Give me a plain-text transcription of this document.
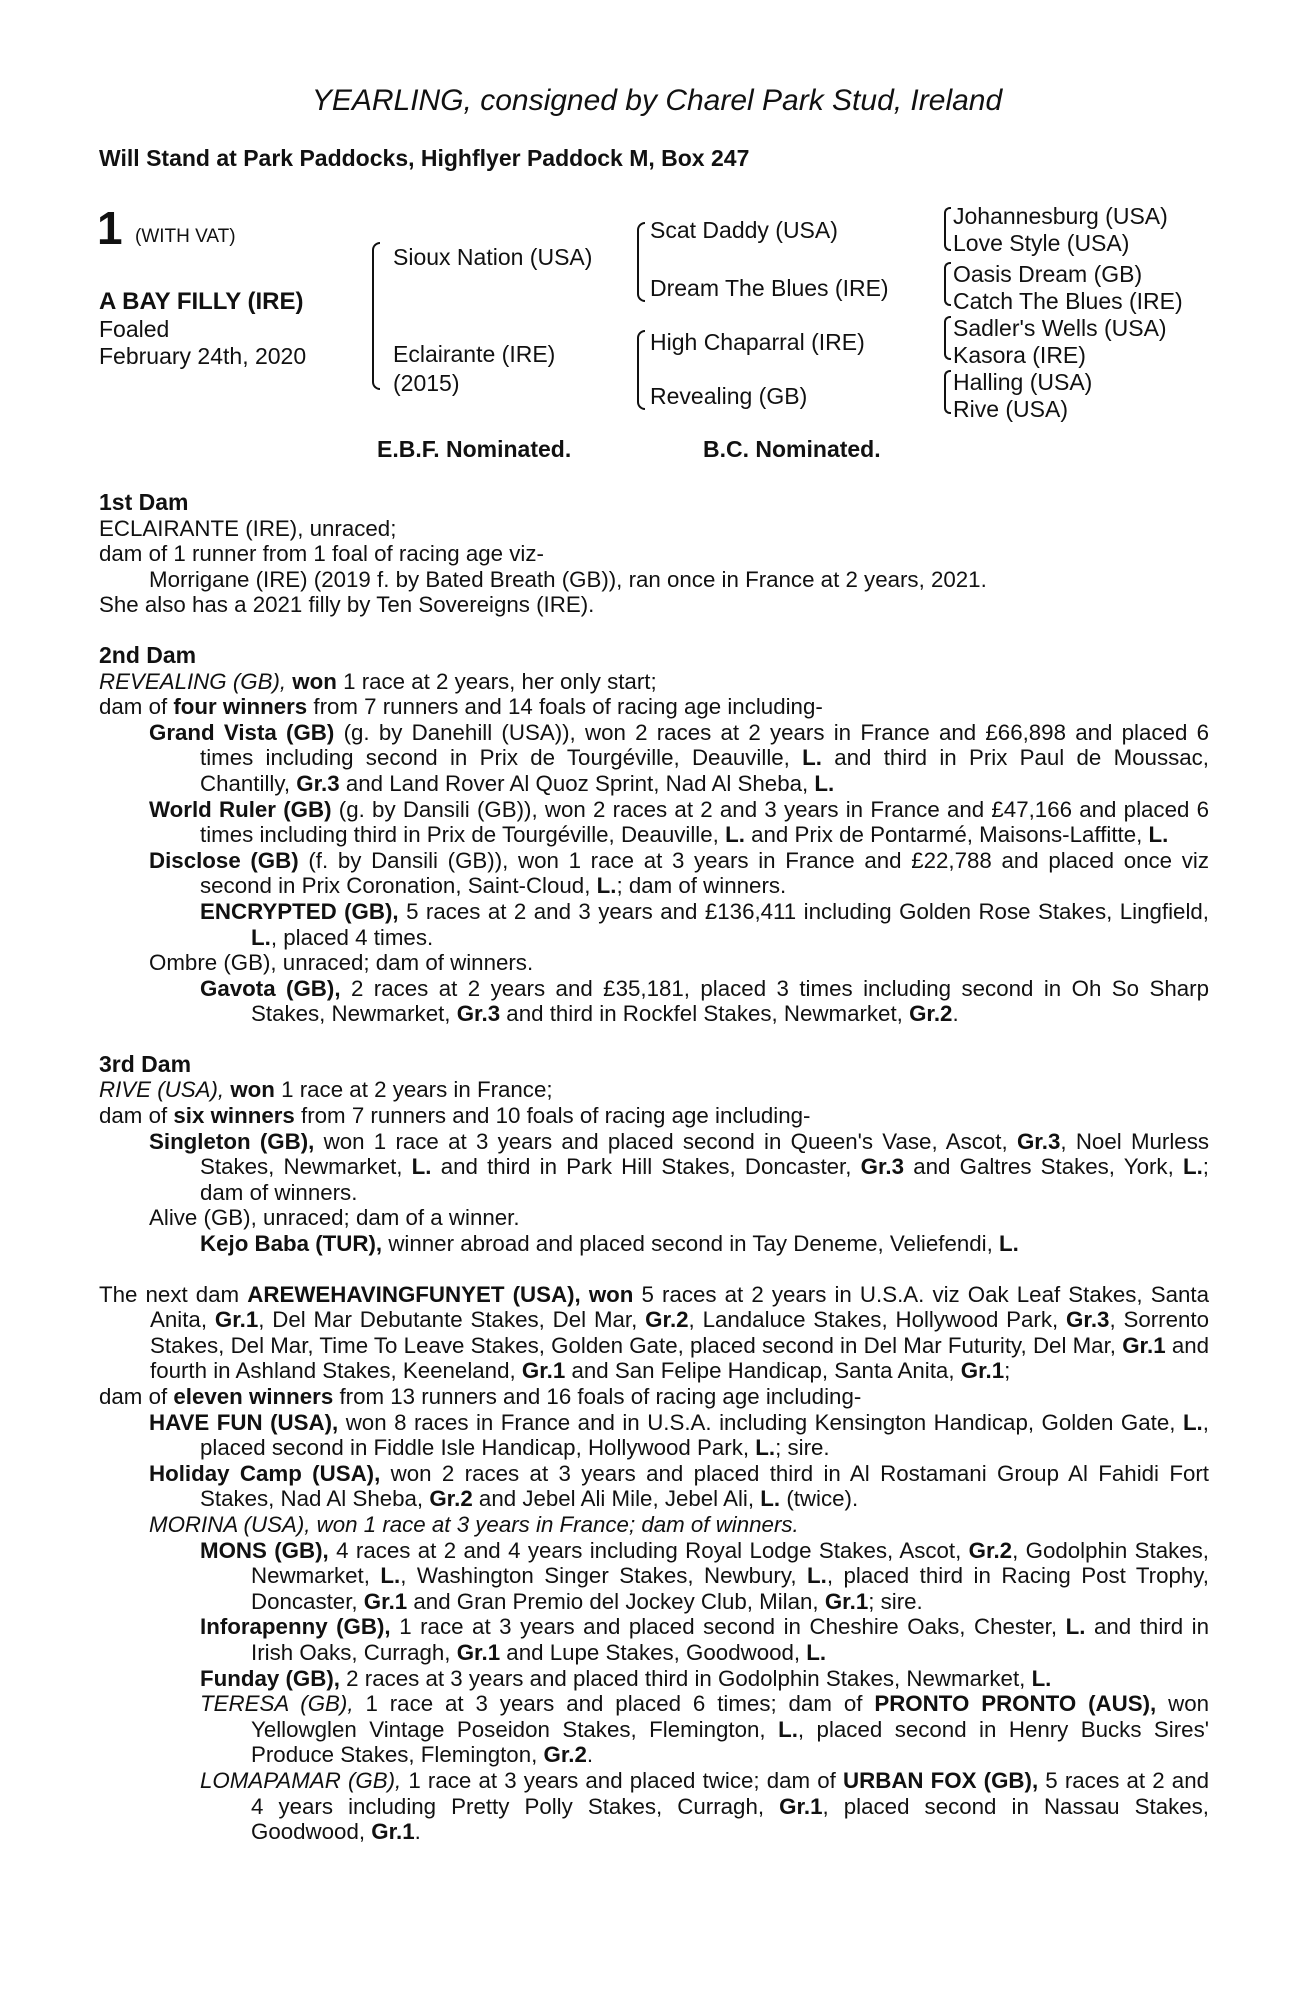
YEARLING, consigned by Charel Park Stud, Ireland
Will Stand at Park Paddocks, Highflyer Paddock M, Box 247
1 (WITH VAT)
A BAY FILLY (IRE)
Foaled
February 24th, 2020
Sioux Nation (USA)
Eclairante (IRE)
(2015)
Scat Daddy (USA)
Dream The Blues (IRE)
High Chaparral (IRE)
Revealing (GB)
Johannesburg (USA)
Love Style (USA)
Oasis Dream (GB)
Catch The Blues (IRE)
Sadler's Wells (USA)
Kasora (IRE)
Halling (USA)
Rive (USA)
E.B.F. Nominated.	B.C. Nominated.
1st Dam

ECLAIRANTE (IRE), unraced;

dam of 1 runner from 1 foal of racing age viz-

Morrigane (IRE) (2019 f. by Bated Breath (GB)), ran once in France at 2 years, 2021.

She also has a 2021 filly by Ten Sovereigns (IRE).

2nd Dam

REVEALING (GB), won 1 race at 2 years, her only start;

dam of four winners from 7 runners and 14 foals of racing age including-

Grand Vista (GB) (g. by Danehill (USA)), won 2 races at 2 years in France and £66,898 and placed 6 times including second in Prix de Tourgéville, Deauville, L. and third in Prix Paul de Moussac, Chantilly, Gr.3 and Land Rover Al Quoz Sprint, Nad Al Sheba, L.

World Ruler (GB) (g. by Dansili (GB)), won 2 races at 2 and 3 years in France and £47,166 and placed 6 times including third in Prix de Tourgéville, Deauville, L. and Prix de Pontarmé, Maisons-Laffitte, L.

Disclose (GB) (f. by Dansili (GB)), won 1 race at 3 years in France and £22,788 and placed once viz second in Prix Coronation, Saint-Cloud, L.; dam of winners.

ENCRYPTED (GB), 5 races at 2 and 3 years and £136,411 including Golden Rose Stakes, Lingfield, L., placed 4 times.

Ombre (GB), unraced; dam of winners.

Gavota (GB), 2 races at 2 years and £35,181, placed 3 times including second in Oh So Sharp Stakes, Newmarket, Gr.3 and third in Rockfel Stakes, Newmarket, Gr.2.

3rd Dam

RIVE (USA), won 1 race at 2 years in France;

dam of six winners from 7 runners and 10 foals of racing age including-

Singleton (GB), won 1 race at 3 years and placed second in Queen's Vase, Ascot, Gr.3, Noel Murless Stakes, Newmarket, L. and third in Park Hill Stakes, Doncaster, Gr.3 and Galtres Stakes, York, L.; dam of winners.

Alive (GB), unraced; dam of a winner.

Kejo Baba (TUR), winner abroad and placed second in Tay Deneme, Veliefendi, L.

The next dam AREWEHAVINGFUNYET (USA), won 5 races at 2 years in U.S.A. viz Oak Leaf Stakes, Santa Anita, Gr.1, Del Mar Debutante Stakes, Del Mar, Gr.2, Landaluce Stakes, Hollywood Park, Gr.3, Sorrento Stakes, Del Mar, Time To Leave Stakes, Golden Gate, placed second in Del Mar Futurity, Del Mar, Gr.1 and fourth in Ashland Stakes, Keeneland, Gr.1 and San Felipe Handicap, Santa Anita, Gr.1;

dam of eleven winners from 13 runners and 16 foals of racing age including-

HAVE FUN (USA), won 8 races in France and in U.S.A. including Kensington Handicap, Golden Gate, L., placed second in Fiddle Isle Handicap, Hollywood Park, L.; sire.

Holiday Camp (USA), won 2 races at 3 years and placed third in Al Rostamani Group Al Fahidi Fort Stakes, Nad Al Sheba, Gr.2 and Jebel Ali Mile, Jebel Ali, L. (twice).

MORINA (USA), won 1 race at 3 years in France; dam of winners.

MONS (GB), 4 races at 2 and 4 years including Royal Lodge Stakes, Ascot, Gr.2, Godolphin Stakes, Newmarket, L., Washington Singer Stakes, Newbury, L., placed third in Racing Post Trophy, Doncaster, Gr.1 and Gran Premio del Jockey Club, Milan, Gr.1; sire.

Inforapenny (GB), 1 race at 3 years and placed second in Cheshire Oaks, Chester, L. and third in Irish Oaks, Curragh, Gr.1 and Lupe Stakes, Goodwood, L.

Funday (GB), 2 races at 3 years and placed third in Godolphin Stakes, Newmarket, L.

TERESA (GB), 1 race at 3 years and placed 6 times; dam of PRONTO PRONTO (AUS), won Yellowglen Vintage Poseidon Stakes, Flemington, L., placed second in Henry Bucks Sires' Produce Stakes, Flemington, Gr.2.

LOMAPAMAR (GB), 1 race at 3 years and placed twice; dam of URBAN FOX (GB), 5 races at 2 and 4 years including Pretty Polly Stakes, Curragh, Gr.1, placed second in Nassau Stakes, Goodwood, Gr.1.
